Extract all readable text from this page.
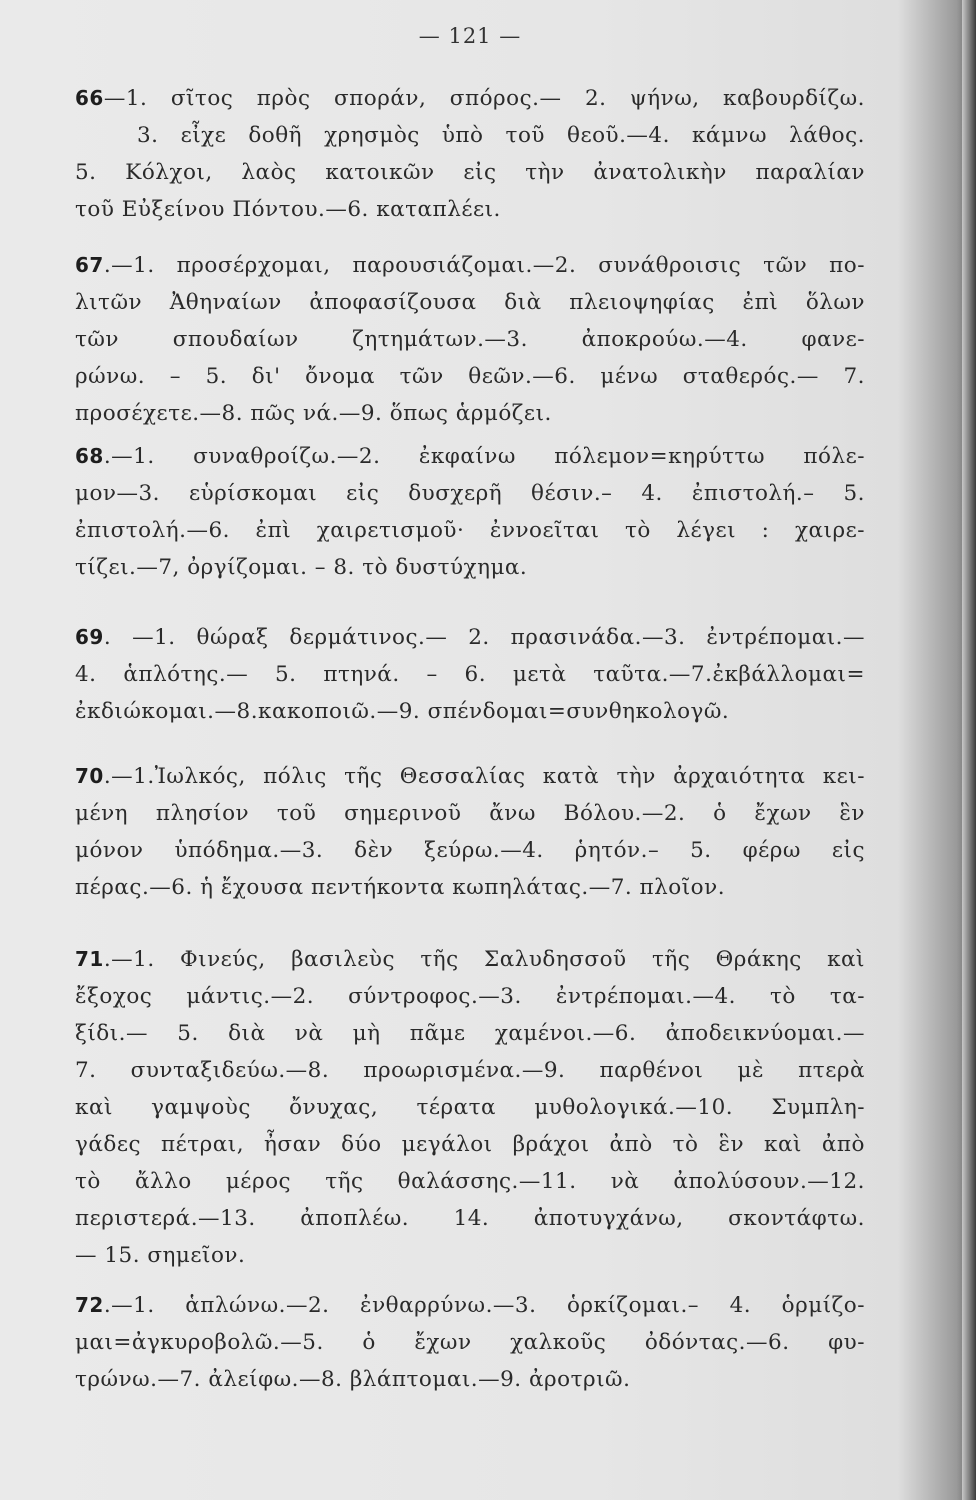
— 121 —
66—1. σῖτος πρὸς σποράν, σπόρος.— 2. ψήνω, καβουρδίζω.
3. εἶχε δοθῆ χρησμὸς ὑπὸ τοῦ θεοῦ.—4. κάμνω λάθος.
5. Κόλχοι, λαὸς κατοικῶν εἰς τὴν ἀνατολικὴν παραλίαν
τοῦ Εὐξείνου Πόντου.—6. καταπλέει.
67.—1. προσέρχομαι, παρουσιάζομαι.—2. συνάθροισις τῶν πο-
λιτῶν Ἀθηναίων ἀποφασίζουσα διὰ πλειοψηφίας ἐπὶ ὅλων
τῶν σπουδαίων ζητημάτων.—3. ἀποκρούω.—4. φανε-
ρώνω. – 5. δι' ὄνομα τῶν θεῶν.—6. μένω σταθερός.— 7.
προσέχετε.—8. πῶς νά.—9. ὅπως ἁρμόζει.
68.—1. συναθροίζω.—2. ἐκφαίνω πόλεμον=κηρύττω πόλε-
μον—3. εὑρίσκομαι εἰς δυσχερῆ θέσιν.– 4. ἐπιστολή.– 5.
ἐπιστολή.—6. ἐπὶ χαιρετισμοῦ· ἐννοεῖται τὸ λέγει : χαιρε-
τίζει.—7, ὀργίζομαι. – 8. τὸ δυστύχημα.
69. —1. θώραξ δερμάτινος.— 2. πρασινάδα.—3. ἐντρέπομαι.—
4. ἁπλότης.— 5. πτηνά. – 6. μετὰ ταῦτα.—7.ἐκβάλλομαι=
ἐκδιώκομαι.—8.κακοποιῶ.—9. σπένδομαι=συνθηκολογῶ.
70.—1.Ἰωλκός, πόλις τῆς Θεσσαλίας κατὰ τὴν ἀρχαιότητα κει-
μένη πλησίον τοῦ σημερινοῦ ἄνω Βόλου.—2. ὁ ἔχων ἓν
μόνον ὑπόδημα.—3. δὲν ξεύρω.—4. ῥητόν.– 5. φέρω εἰς
πέρας.—6. ἡ ἔχουσα πεντήκοντα κωπηλάτας.—7. πλοῖον.
71.—1. Φινεύς, βασιλεὺς τῆς Σαλυδησσοῦ τῆς Θράκης καὶ
ἔξοχος μάντις.—2. σύντροφος.—3. ἐντρέπομαι.—4. τὸ τα-
ξίδι.— 5. διὰ νὰ μὴ πᾶμε χαμένοι.—6. ἀποδεικνύομαι.—
7. συνταξιδεύω.—8. προωρισμένα.—9. παρθένοι μὲ πτερὰ
καὶ γαμψοὺς ὄνυχας, τέρατα μυθολογικά.—10. Συμπλη-
γάδες πέτραι, ἦσαν δύο μεγάλοι βράχοι ἀπὸ τὸ ἓν καὶ ἀπὸ
τὸ ἄλλο μέρος τῆς θαλάσσης.—11. νὰ ἀπολύσουν.—12.
περιστερά.—13. ἀποπλέω. 14. ἀποτυγχάνω, σκοντάφτω.
— 15. σημεῖον.
72.—1. ἁπλώνω.—2. ἐνθαρρύνω.—3. ὁρκίζομαι.– 4. ὁρμίζο-
μαι=ἀγκυροβολῶ.—5. ὁ ἔχων χαλκοῦς ὀδόντας.—6. φυ-
τρώνω.—7. ἀλείφω.—8. βλάπτομαι.—9. ἀροτριῶ.
